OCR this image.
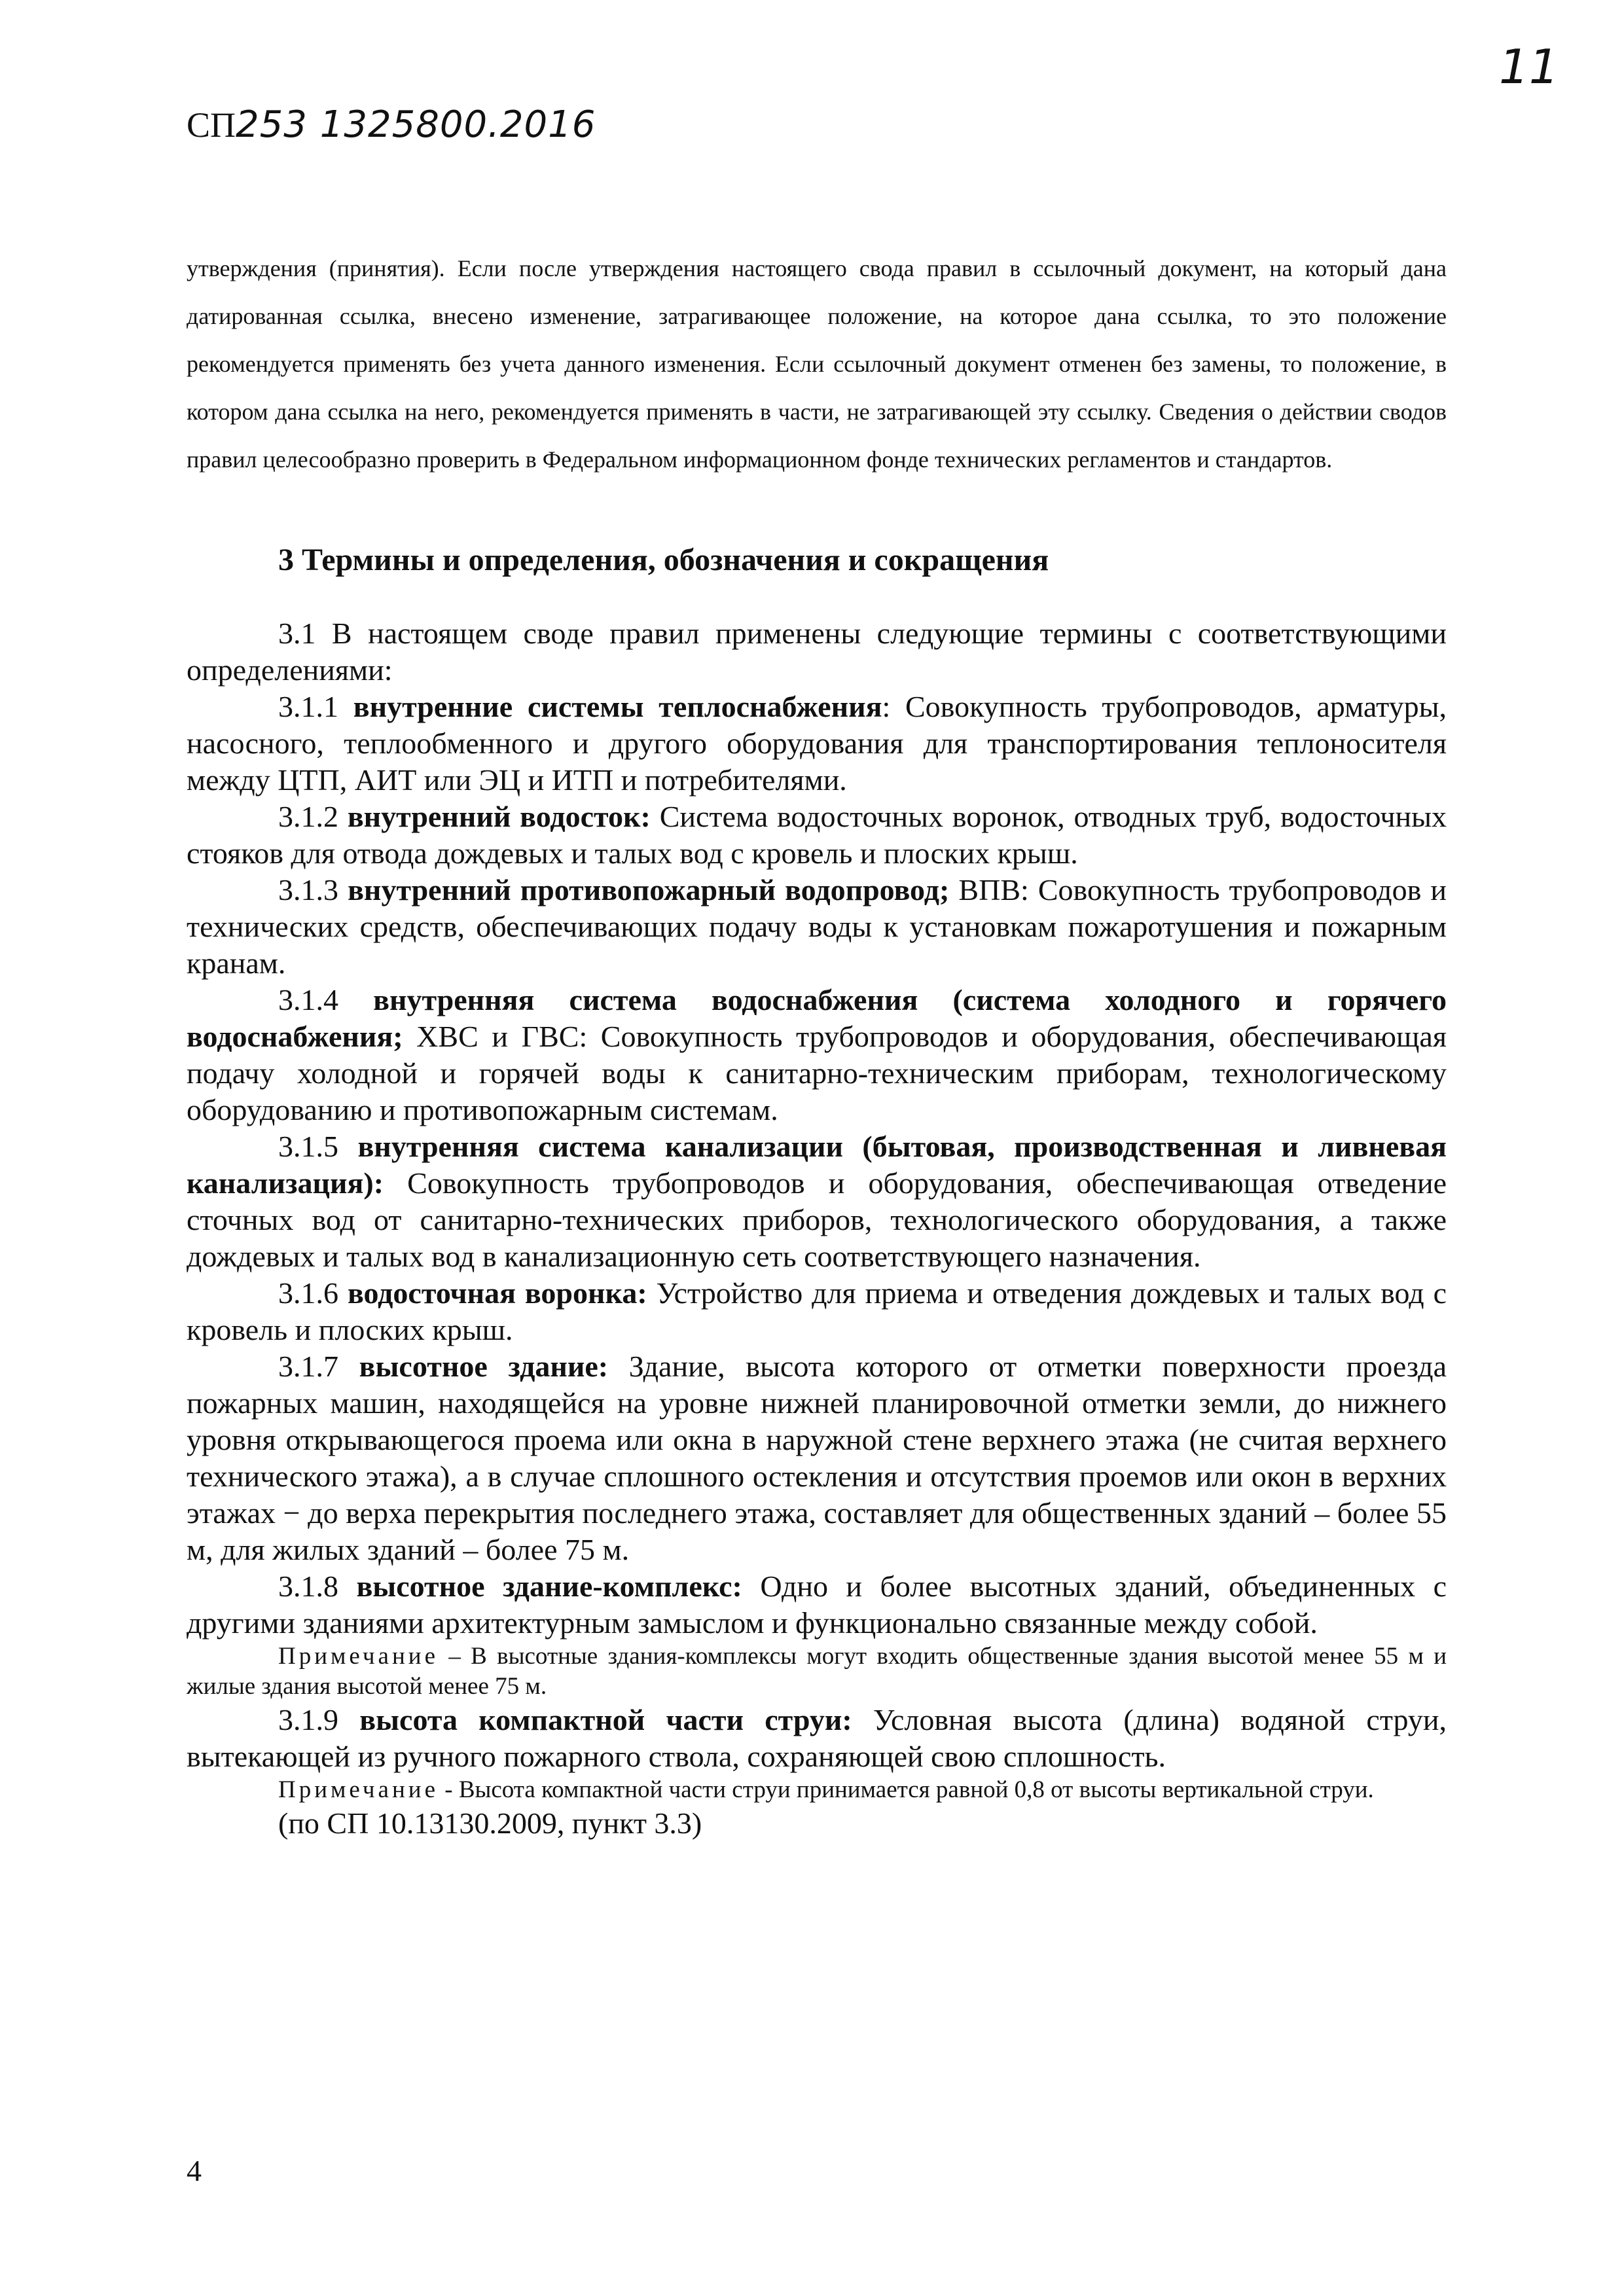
СП253 1325800.2016
11

утверждения (принятия). Если после утверждения настоящего свода правил в ссылочный документ, на который дана датированная ссылка, внесено изменение, затрагивающее положение, на которое дана ссылка, то это положение рекомендуется применять без учета данного изменения. Если ссылочный документ отменен без замены, то положение, в котором дана ссылка на него, рекомендуется применять в части, не затрагивающей эту ссылку. Сведения о действии сводов правил целесообразно проверить в Федеральном информационном фонде технических регламентов и стандартов.

3 Термины и определения, обозначения и сокращения

3.1 В настоящем своде правил применены следующие термины с соответствующими определениями:

3.1.1 внутренние системы теплоснабжения: Совокупность трубопроводов, арматуры, насосного, теплообменного и другого оборудования для транспортирования теплоносителя между ЦТП, АИТ или ЭЦ и ИТП и потребителями.

3.1.2 внутренний водосток: Система водосточных воронок, отводных труб, водосточных стояков для отвода дождевых и талых вод с кровель и плоских крыш.

3.1.3 внутренний противопожарный водопровод; ВПВ: Совокупность трубопроводов и технических средств, обеспечивающих подачу воды к установкам пожаротушения и пожарным кранам.

3.1.4 внутренняя система водоснабжения (система холодного и горячего водоснабжения; ХВС и ГВС: Совокупность трубопроводов и оборудования, обеспечивающая подачу холодной и горячей воды к санитарно-техническим приборам, технологическому оборудованию и противопожарным системам.

3.1.5 внутренняя система канализации (бытовая, производственная и ливневая канализация): Совокупность трубопроводов и оборудования, обеспечивающая отведение сточных вод от санитарно-технических приборов, технологического оборудования, а также дождевых и талых вод в канализационную сеть соответствующего назначения.

3.1.6 водосточная воронка: Устройство для приема и отведения дождевых и талых вод с кровель и плоских крыш.

3.1.7 высотное здание: Здание, высота которого от отметки поверхности проезда пожарных машин, находящейся на уровне нижней планировочной отметки земли, до нижнего уровня открывающегося проема или окна в наружной стене верхнего этажа (не считая верхнего технического этажа), а в случае сплошного остекления и отсутствия проемов или окон в верхних этажах − до верха перекрытия последнего этажа, составляет для общественных зданий – более 55 м, для жилых зданий – более 75 м.

3.1.8 высотное здание-комплекс: Одно и более высотных зданий, объединенных с другими зданиями архитектурным замыслом и функционально связанные между собой.

Примечание – В высотные здания-комплексы могут входить общественные здания высотой менее 55 м и жилые здания высотой менее 75 м.

3.1.9 высота компактной части струи: Условная высота (длина) водяной струи, вытекающей из ручного пожарного ствола, сохраняющей свою сплошность.

Примечание - Высота компактной части струи принимается равной 0,8 от высоты вертикальной струи.

(по СП 10.13130.2009, пункт 3.3)

4
